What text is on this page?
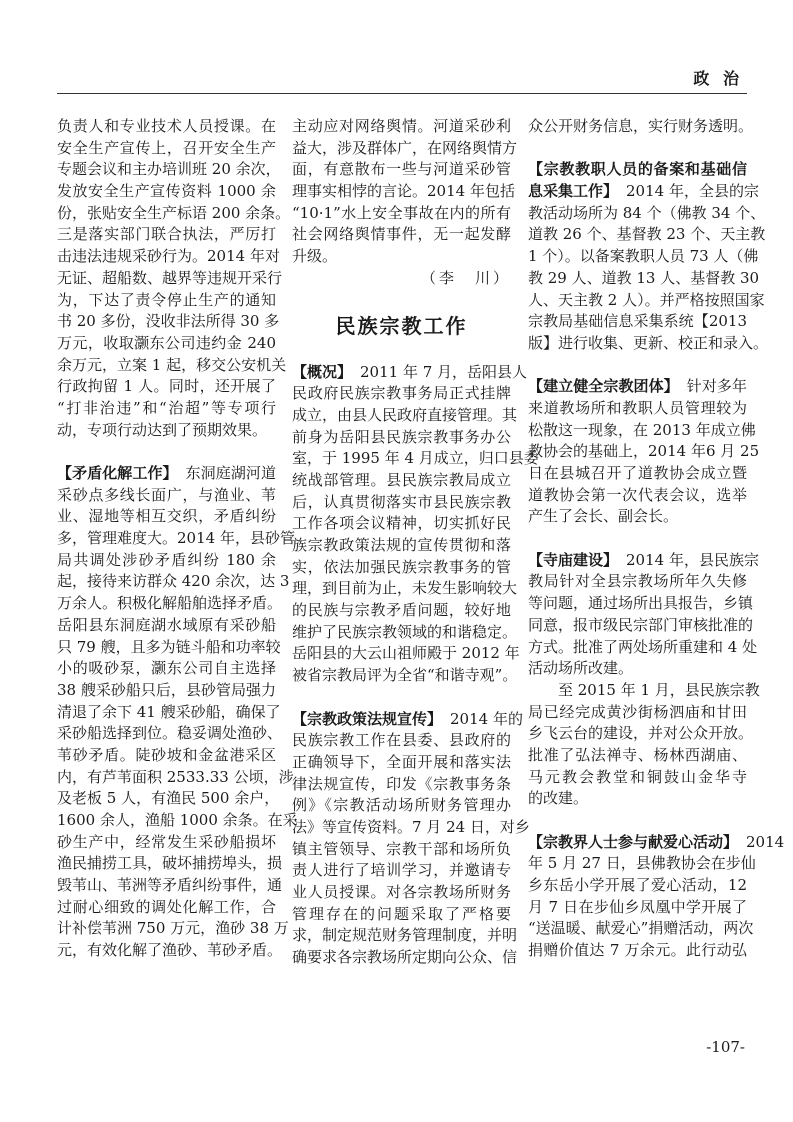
政 治
负责人和专业技术人员授课。在
安全生产宣传上，召开安全生产
专题会议和主办培训班 20 余次，
发放安全生产宣传资料 1000 余
份，张贴安全生产标语 200 余条。
三是落实部门联合执法，严厉打
击违法违规采砂行为。2014 年对
无证、超船数、越界等违规开采行
为，下达了责令停止生产的通知
书 20 多份，没收非法所得 30 多
万元，收取灏东公司违约金 240
余万元，立案 1 起，移交公安机关
行政拘留 1 人。同时，还开展了
“打非治违”和“治超”等专项行
动，专项行动达到了预期效果。
【矛盾化解工作】 东洞庭湖河道
采砂点多线长面广，与渔业、苇
业、湿地等相互交织，矛盾纠纷
多，管理难度大。2014 年，县砂管
局共调处涉砂矛盾纠纷 180 余
起，接待来访群众 420 余次，达 3
万余人。积极化解船舶选择矛盾。
岳阳县东洞庭湖水域原有采砂船
只 79 艘，且多为链斗船和功率较
小的吸砂泵，灏东公司自主选择
38 艘采砂船只后，县砂管局强力
清退了余下 41 艘采砂船，确保了
采砂船选择到位。稳妥调处渔砂、
苇砂矛盾。陡砂坡和金盆港采区
内，有芦苇面积 2533.33 公顷，涉
及老板 5 人，有渔民 500 余户，
1600 余人，渔船 1000 余条。在采
砂生产中，经常发生采砂船损坏
渔民捕捞工具，破坏捕捞埠头，损
毁苇山、苇洲等矛盾纠纷事件，通
过耐心细致的调处化解工作，合
计补偿苇洲 750 万元，渔砂 38 万
元，有效化解了渔砂、苇砂矛盾。
主动应对网络舆情。河道采砂利
益大，涉及群体广，在网络舆情方
面，有意散布一些与河道采砂管
理事实相悖的言论。2014 年包括
“10·1”水上安全事故在内的所有
社会网络舆情事件，无一起发酵
升级。
（李　川）
民族宗教工作
【概况】 2011 年 7 月，岳阳县人
民政府民族宗教事务局正式挂牌
成立，由县人民政府直接管理。其
前身为岳阳县民族宗教事务办公
室，于 1995 年 4 月成立，归口县委
统战部管理。县民族宗教局成立
后，认真贯彻落实市县民族宗教
工作各项会议精神，切实抓好民
族宗教政策法规的宣传贯彻和落
实，依法加强民族宗教事务的管
理，到目前为止，未发生影响较大
的民族与宗教矛盾问题，较好地
维护了民族宗教领域的和谐稳定。
岳阳县的大云山祖师殿于 2012 年
被省宗教局评为全省“和谐寺观”。
【宗教政策法规宣传】 2014 年的
民族宗教工作在县委、县政府的
正确领导下，全面开展和落实法
律法规宣传，印发《宗教事务条
例》《宗教活动场所财务管理办
法》等宣传资料。7 月 24 日，对乡
镇主管领导、宗教干部和场所负
责人进行了培训学习，并邀请专
业人员授课。对各宗教场所财务
管理存在的问题采取了严格要
求，制定规范财务管理制度，并明
确要求各宗教场所定期向公众、信
众公开财务信息，实行财务透明。
【宗教教职人员的备案和基础信
息采集工作】 2014 年，全县的宗
教活动场所为 84 个（佛教 34 个、
道教 26 个、基督教 23 个、天主教
1 个）。以备案教职人员 73 人（佛
教 29 人、道教 13 人、基督教 30
人、天主教 2 人）。并严格按照国家
宗教局基础信息采集系统【2013
版】进行收集、更新、校正和录入。
【建立健全宗教团体】 针对多年
来道教场所和教职人员管理较为
松散这一现象，在 2013 年成立佛
教协会的基础上，2014 年6 月 25
日在县城召开了道教协会成立暨
道教协会第一次代表会议，选举
产生了会长、副会长。
【寺庙建设】 2014 年，县民族宗
教局针对全县宗教场所年久失修
等问题，通过场所出具报告，乡镇
同意，报市级民宗部门审核批准的
方式。批准了两处场所重建和 4 处
活动场所改建。
至 2015 年 1 月，县民族宗教
局已经完成黄沙街杨泗庙和甘田
乡飞云台的建设，并对公众开放。
批准了弘法禅寺、杨林西湖庙、
马元教会教堂和铜鼓山金华寺
的改建。
【宗教界人士参与献爱心活动】 2014
年 5 月 27 日，县佛教协会在步仙
乡东岳小学开展了爱心活动，12
月 7 日在步仙乡凤凰中学开展了
“送温暖、献爱心”捐赠活动，两次
捐赠价值达 7 万余元。此行动弘
-107-
